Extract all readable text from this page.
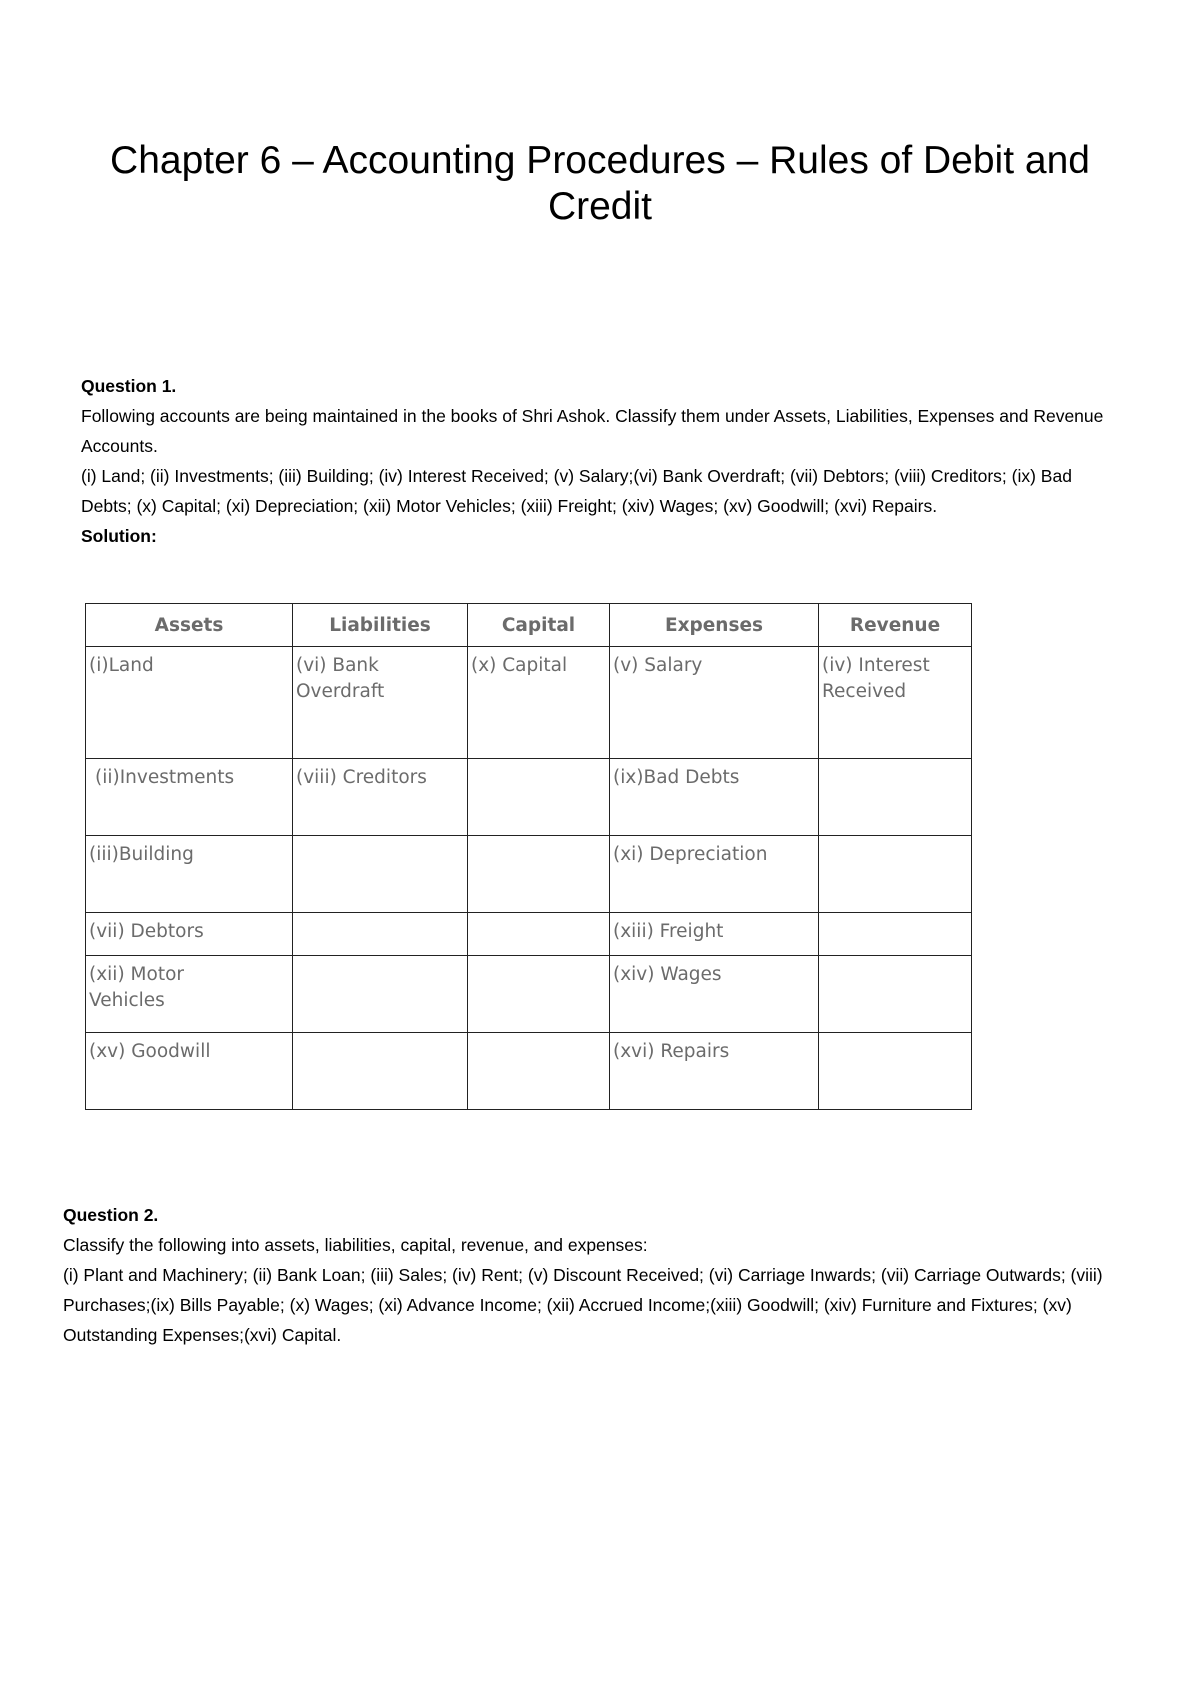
Chapter 6 – Accounting Procedures – Rules of Debit and Credit
Question 1.
Following accounts are being maintained in the books of Shri Ashok. Classify them under Assets, Liabilities, Expenses and Revenue Accounts.
(i) Land; (ii) Investments; (iii) Building; (iv) Interest Received; (v) Salary;(vi) Bank Overdraft; (vii) Debtors; (viii) Creditors; (ix) Bad Debts; (x) Capital; (xi) Depreciation; (xii) Motor Vehicles; (xiii) Freight; (xiv) Wages; (xv) Goodwill; (xvi) Repairs.
Solution:
Assets	Liabilities	Capital	Expenses	Revenue

(i)Land	(vi) Bank Overdraft	(x) Capital	(v) Salary	(iv) Interest Received

(ii)Investments	(viii) Creditors		(ix)Bad Debts	

(iii)Building			(xi) Depreciation	

(vii) Debtors			(xiii) Freight	

(xii) Motor Vehicles			(xiv) Wages	

(xv) Goodwill			(xvi) Repairs	

Question 2.
Classify the following into assets, liabilities, capital, revenue, and expenses:
(i) Plant and Machinery; (ii) Bank Loan; (iii) Sales; (iv) Rent; (v) Discount Received; (vi) Carriage Inwards; (vii) Carriage Outwards; (viii) Purchases;(ix) Bills Payable; (x) Wages; (xi) Advance Income; (xii) Accrued Income;(xiii) Goodwill; (xiv) Furniture and Fixtures; (xv) Outstanding Expenses;(xvi) Capital.
